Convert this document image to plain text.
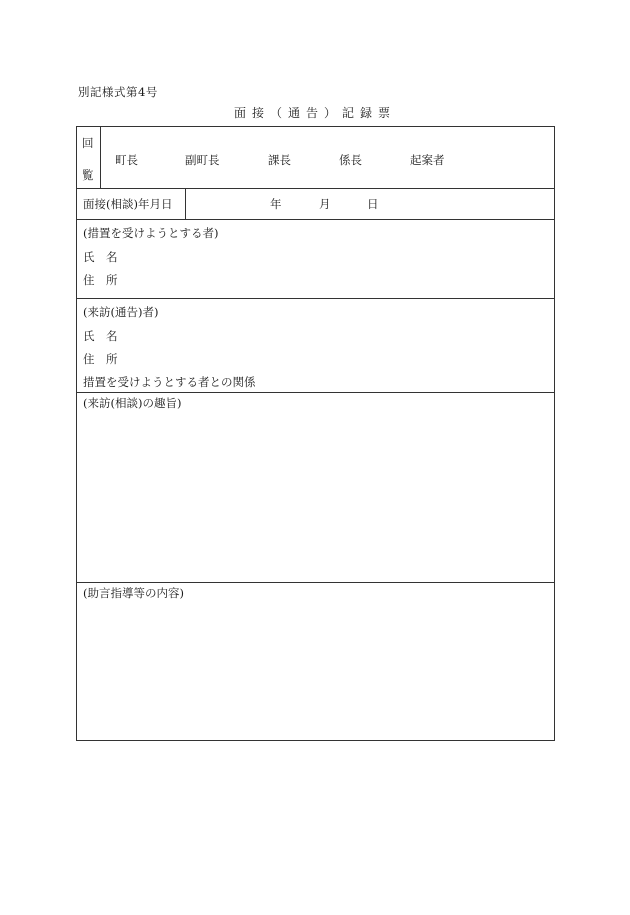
別記様式第4号
面接（通告）記録票
回
覧
町長	副町長	課長	係長	起案者
面接(相談)年月日	年	月	日
(措置を受けようとする者)
氏　名
住　所
(来訪(通告)者)
氏　名
住　所
措置を受けようとする者との関係
(来訪(相談)の趣旨)
(助言指導等の内容)
